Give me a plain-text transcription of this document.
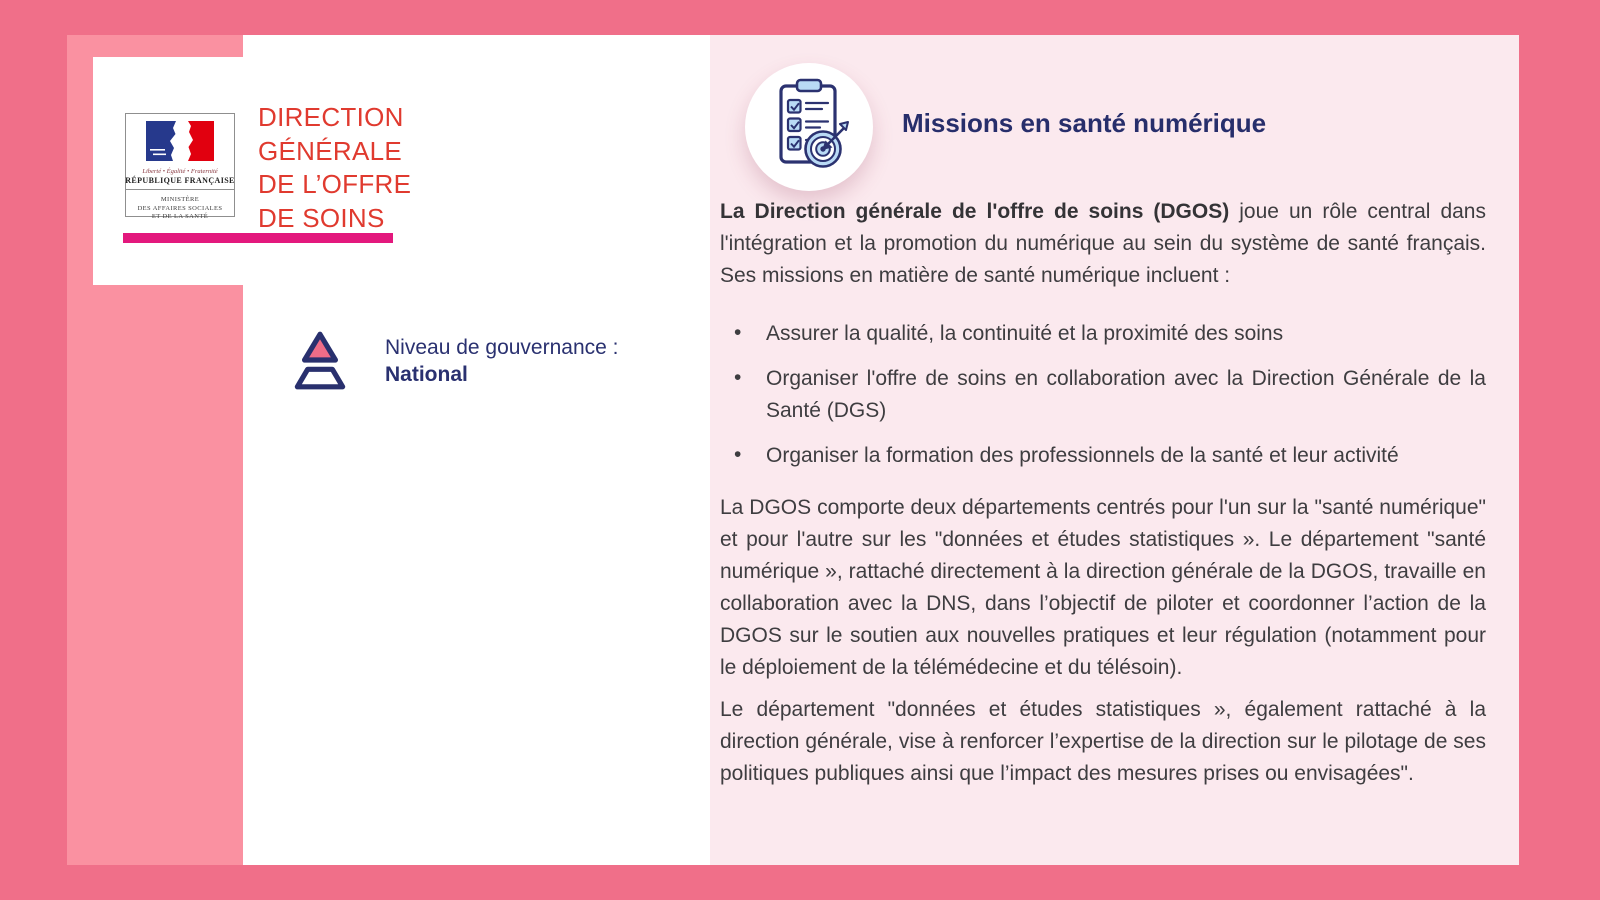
Missions en santé numérique

La Direction générale de l'offre de soins (DGOS) joue un rôle central dans l'intégration et la promotion du numérique au sein du système de santé français. Ses missions en matière de santé numérique incluent :

• Assurer la qualité, la continuité et la proximité des soins
• Organiser l'offre de soins en collaboration avec la Direction Générale de la Santé (DGS)
• Organiser la formation des professionnels de la santé et leur activité

La DGOS comporte deux départements centrés pour l'un sur la "santé numérique" et pour l'autre sur les "données et études statistiques ». Le département "santé numérique », rattaché directement à la direction générale de la DGOS, travaille en collaboration avec la DNS, dans l’objectif de piloter et coordonner l’action de la DGOS sur le soutien aux nouvelles pratiques et leur régulation (notamment pour le déploiement de la télémédecine et du télésoin).

Le département "données et études statistiques », également rattaché à la direction générale, vise à renforcer l’expertise de la direction sur le pilotage de ses politiques publiques ainsi que l’impact des mesures prises ou envisagées".

Liberté • Égalité • Fraternité
RÉPUBLIQUE FRANÇAISE
MINISTÈRE
DES AFFAIRES SOCIALES
ET DE LA SANTÉ
DIRECTION
GÉNÉRALE
DE L’OFFRE
DE SOINS
Niveau de gouvernance :
National
